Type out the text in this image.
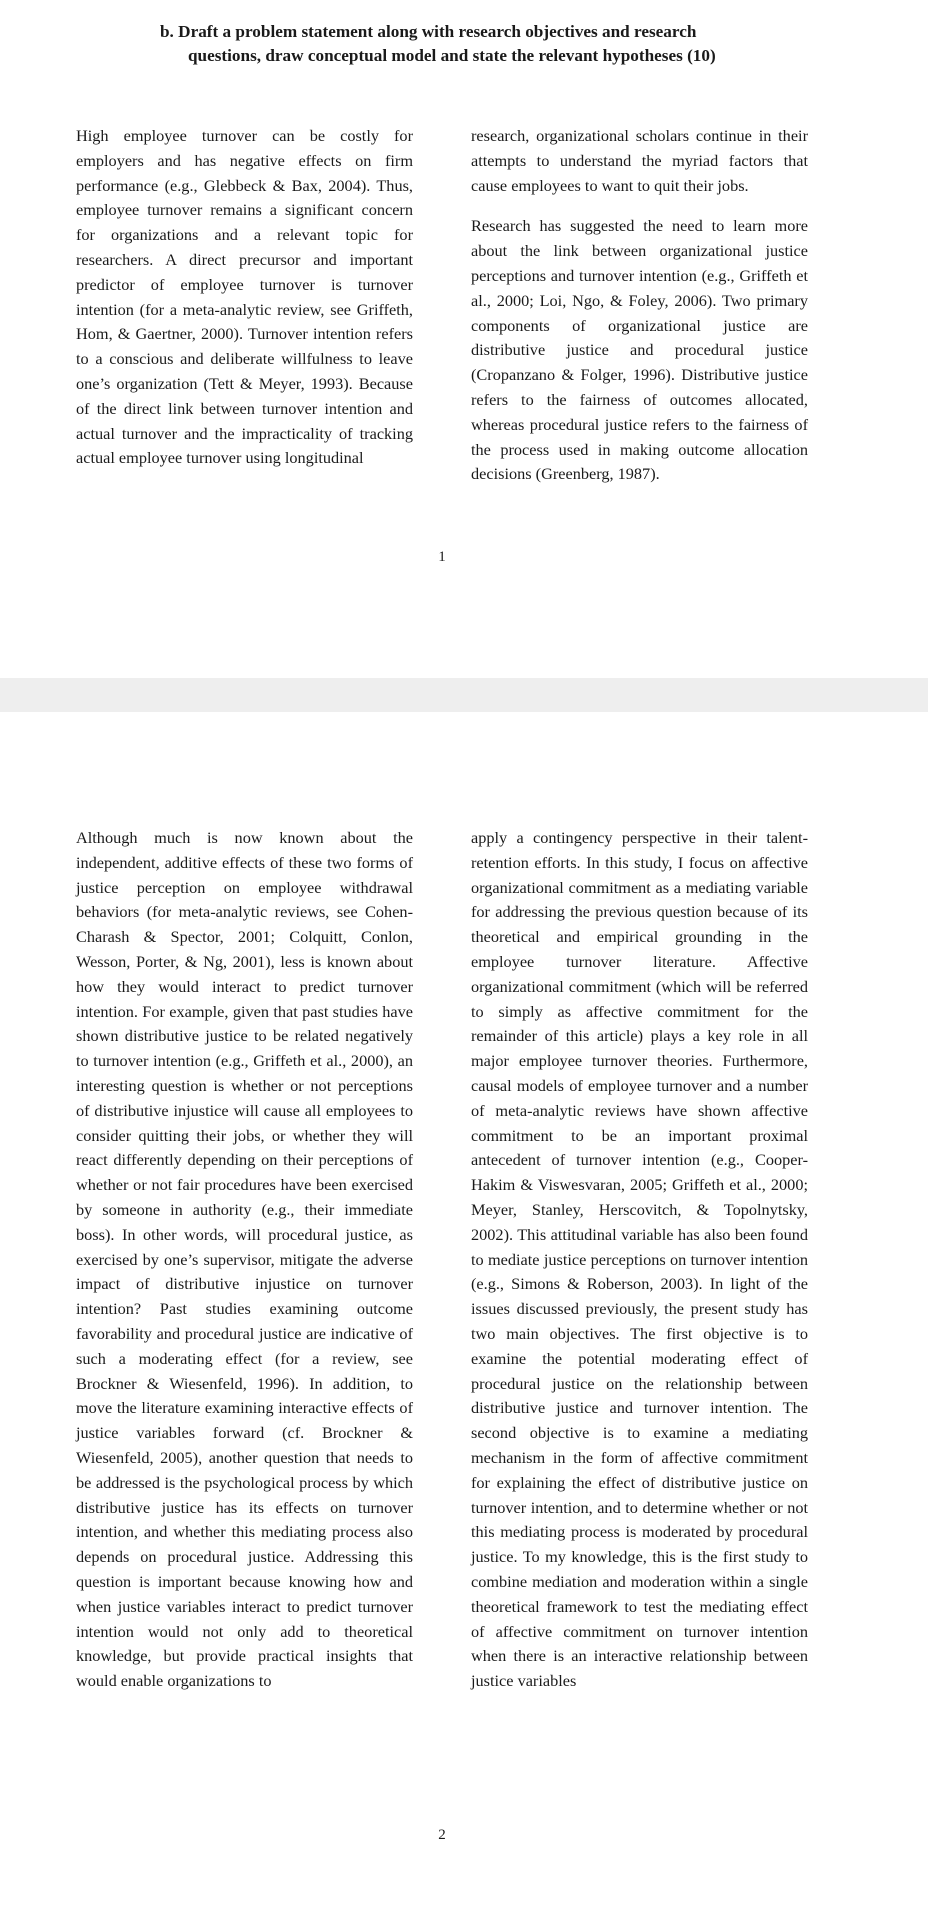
b. Draft a problem statement along with research objectives and research
questions, draw conceptual model and state the relevant hypotheses (10)

High employee turnover can be costly for employers and has negative effects on firm performance (e.g., Glebbeck & Bax, 2004). Thus, employee turnover remains a significant concern for organizations and a relevant topic for researchers. A direct precursor and important predictor of employee turnover is turnover intention (for a meta-analytic review, see Griffeth, Hom, & Gaertner, 2000). Turnover intention refers to a conscious and deliberate willfulness to leave one’s organization (Tett & Meyer, 1993). Because of the direct link between turnover intention and actual turnover and the impracticality of tracking actual employee turnover using longitudinal

research, organizational scholars continue in their attempts to understand the myriad factors that cause employees to want to quit their jobs.

Research has suggested the need to learn more about the link between organizational justice perceptions and turnover intention (e.g., Griffeth et al., 2000; Loi, Ngo, & Foley, 2006). Two primary components of organizational justice are distributive justice and procedural justice (Cropanzano & Folger, 1996). Distributive justice refers to the fairness of outcomes allocated, whereas procedural justice refers to the fairness of the process used in making outcome allocation decisions (Greenberg, 1987).

1

Although much is now known about the independent, additive effects of these two forms of justice perception on employee withdrawal behaviors (for meta-analytic reviews, see Cohen-Charash & Spector, 2001; Colquitt, Conlon, Wesson, Porter, & Ng, 2001), less is known about how they would interact to predict turnover intention. For example, given that past studies have shown distributive justice to be related negatively to turnover intention (e.g., Griffeth et al., 2000), an interesting question is whether or not perceptions of distributive injustice will cause all employees to consider quitting their jobs, or whether they will react differently depending on their perceptions of whether or not fair procedures have been exercised by someone in authority (e.g., their immediate boss). In other words, will procedural justice, as exercised by one’s supervisor, mitigate the adverse impact of distributive injustice on turnover intention? Past studies examining outcome favorability and procedural justice are indicative of such a moderating effect (for a review, see Brockner & Wiesenfeld, 1996). In addition, to move the literature examining interactive effects of justice variables forward (cf. Brockner & Wiesenfeld, 2005), another question that needs to be addressed is the psychological process by which distributive justice has its effects on turnover intention, and whether this mediating process also depends on procedural justice. Addressing this question is important because knowing how and when justice variables interact to predict turnover intention would not only add to theoretical knowledge, but provide practical insights that would enable organizations to

apply a contingency perspective in their talent-retention efforts. In this study, I focus on affective organizational commitment as a mediating variable for addressing the previous question because of its theoretical and empirical grounding in the employee turnover literature. Affective organizational commitment (which will be referred to simply as affective commitment for the remainder of this article) plays a key role in all major employee turnover theories. Furthermore, causal models of employee turnover and a number of meta-analytic reviews have shown affective commitment to be an important proximal antecedent of turnover intention (e.g., Cooper-Hakim & Viswesvaran, 2005; Griffeth et al., 2000; Meyer, Stanley, Herscovitch, & Topolnytsky, 2002). This attitudinal variable has also been found to mediate justice perceptions on turnover intention (e.g., Simons & Roberson, 2003). In light of the issues discussed previously, the present study has two main objectives. The first objective is to examine the potential moderating effect of procedural justice on the relationship between distributive justice and turnover intention. The second objective is to examine a mediating mechanism in the form of affective commitment for explaining the effect of distributive justice on turnover intention, and to determine whether or not this mediating process is moderated by procedural justice. To my knowledge, this is the first study to combine mediation and moderation within a single theoretical framework to test the mediating effect of affective commitment on turnover intention when there is an interactive relationship between justice variables

2
